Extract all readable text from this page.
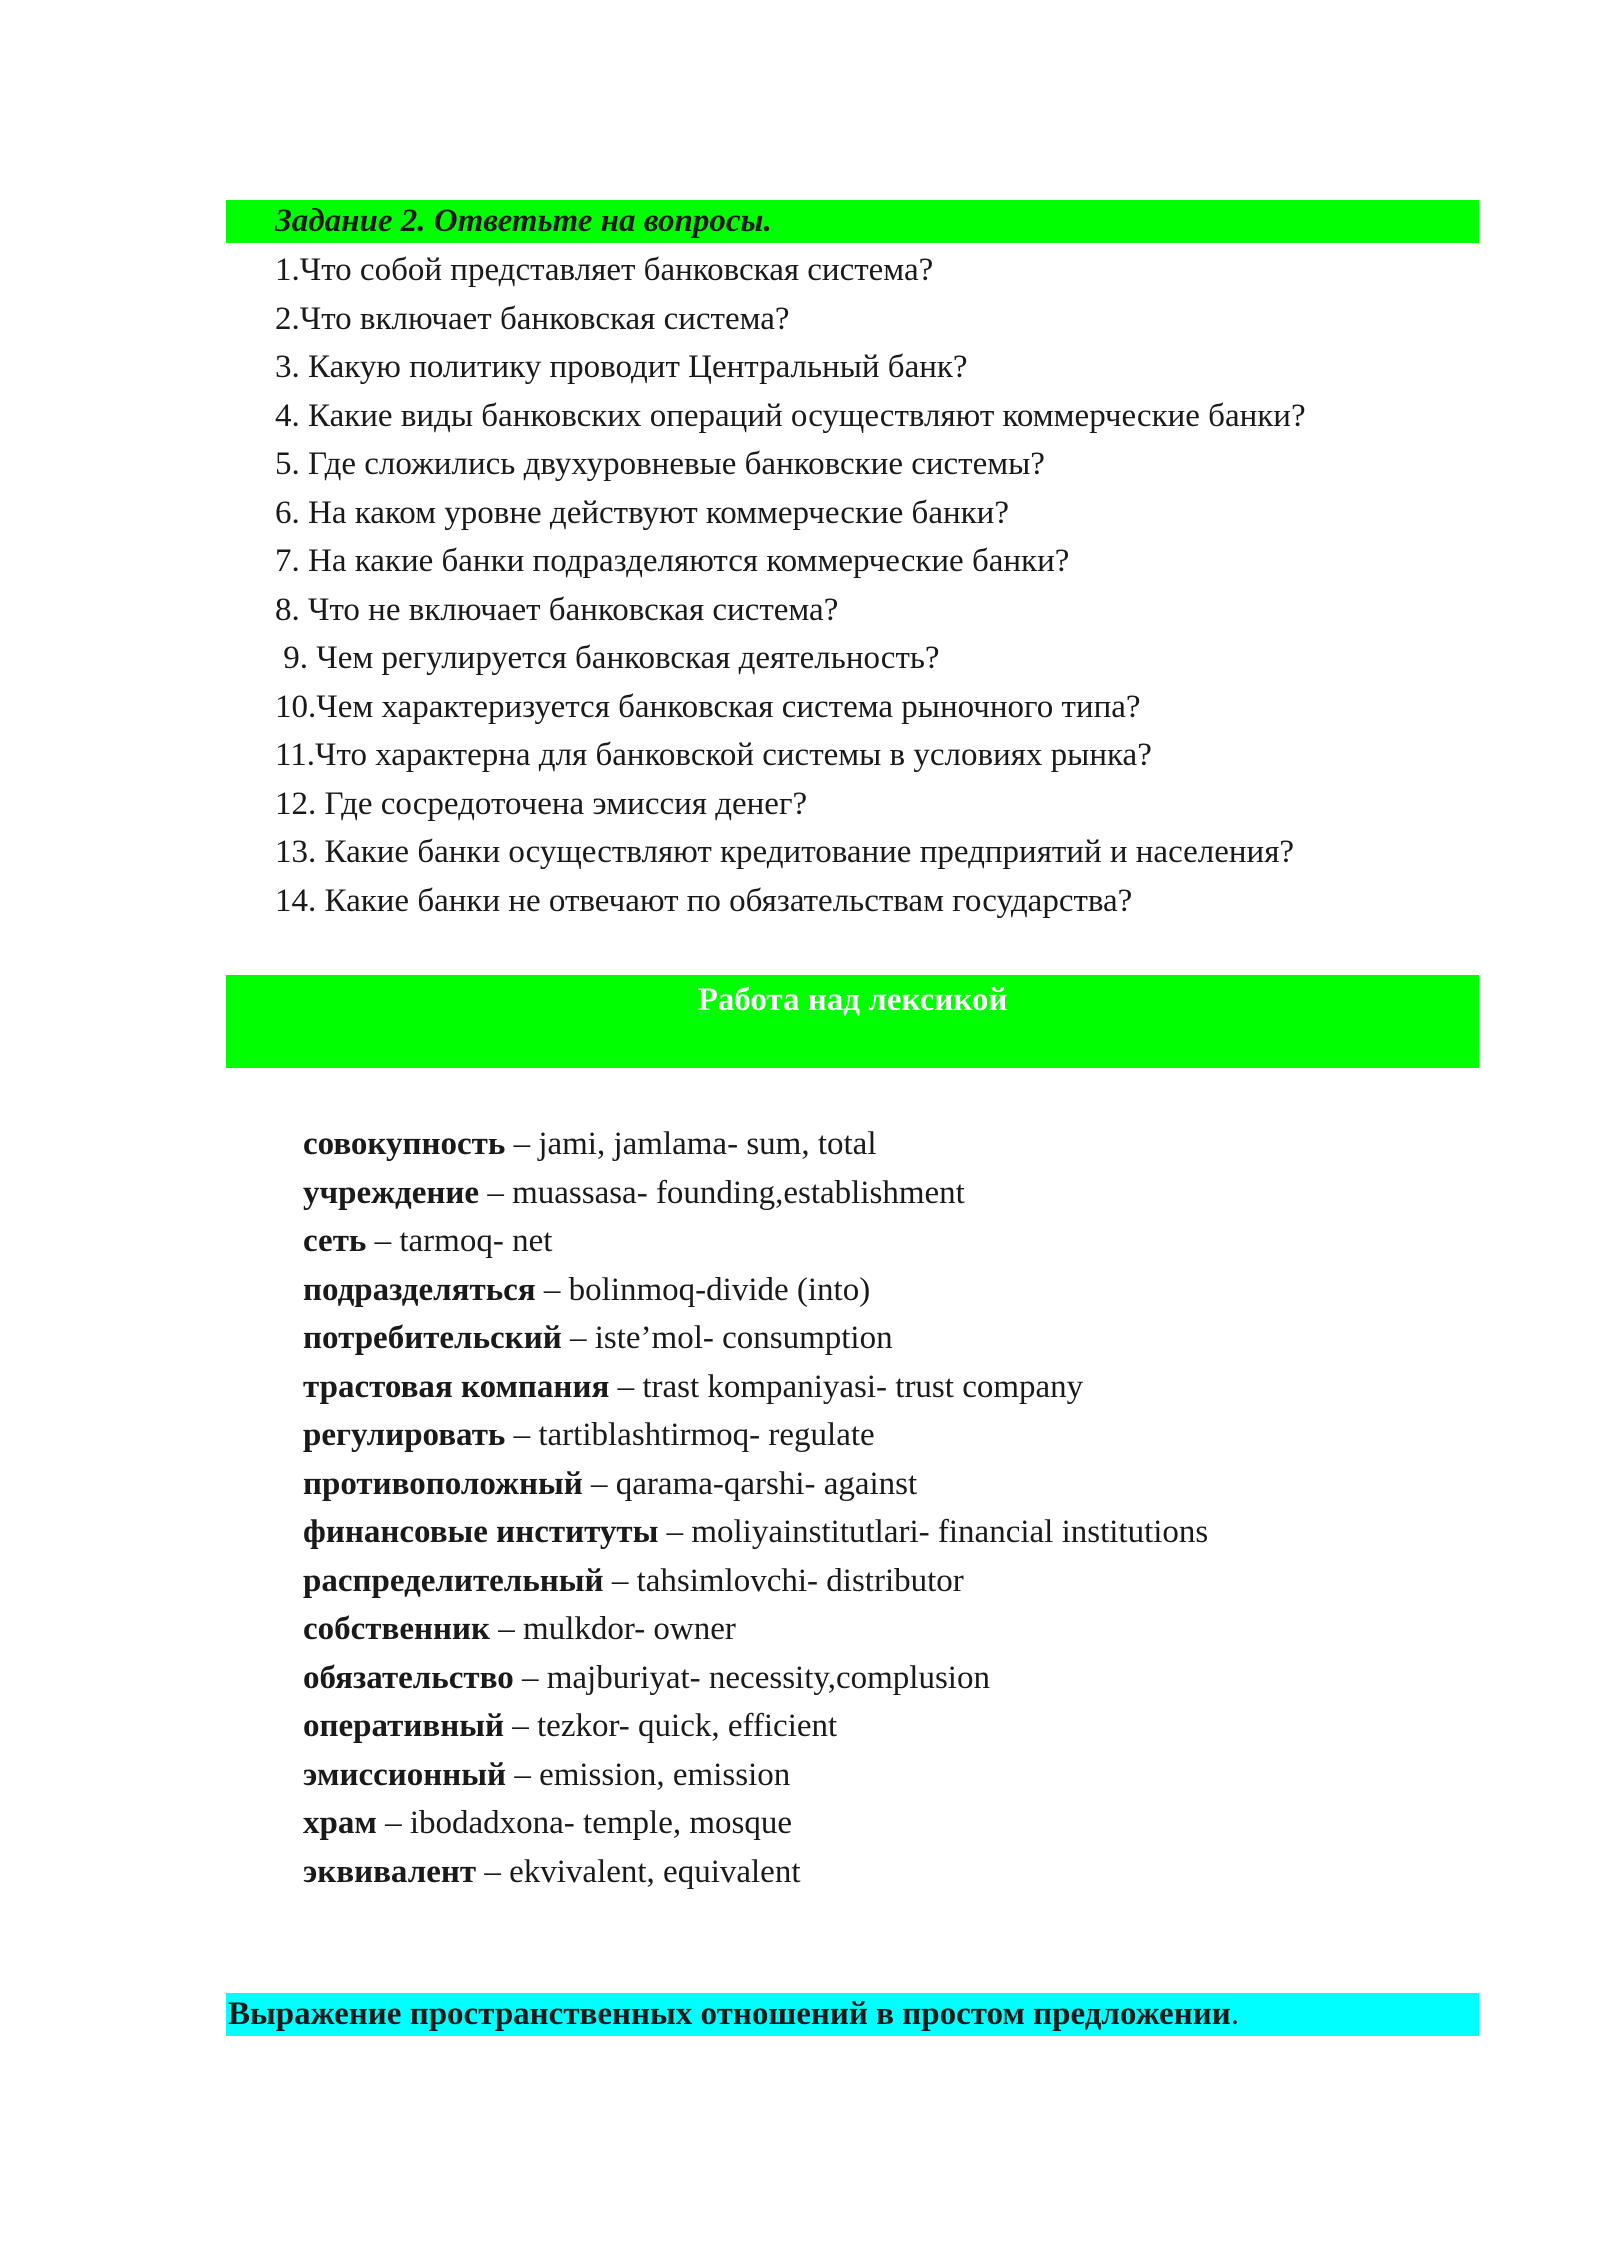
Задание 2. Ответьте на вопросы.
1.Что собой представляет банковская система?
2.Что включает банковская система?
3. Какую политику проводит Центральный банк?
4. Какие виды банковских операций осуществляют коммерческие банки?
5. Где сложились двухуровневые банковские системы?
6. На каком уровне действуют коммерческие банки?
7. На какие банки подразделяются коммерческие банки?
8. Что не включает банковская система?
9. Чем регулируется банковская деятельность?
10.Чем характеризуется банковская система рыночного типа?
11.Что характерна для банковской системы в условиях рынка?
12. Где сосредоточена эмиссия денег?
13. Какие банки осуществляют кредитование предприятий и населения?
14. Какие банки не отвечают по обязательствам государства?
Работа над лексикой
совокупность – jami, jamlama- sum, total
учреждение – muassasa- founding,establishment
сеть – tarmoq- net
подразделяться – bolinmoq-divide (into)
потребительский – iste’mol- consumption
трастовая компания – trast kompaniyasi- trust company
регулировать – tartiblashtirmoq- regulate
противоположный – qarama-qarshi- against
финансовые институты – moliyainstitutlari- financial institutions
распределительный – tahsimlovchi- distributor
собственник – mulkdor- owner
обязательство – majburiyat- necessity,complusion
оперативный – tezkor- quick, efficient
эмиссионный – emission, emission
храм – ibodadxona- temple, mosque
эквивалент – ekvivalent, equivalent
Выражение пространственных отношений в простом предложении.
